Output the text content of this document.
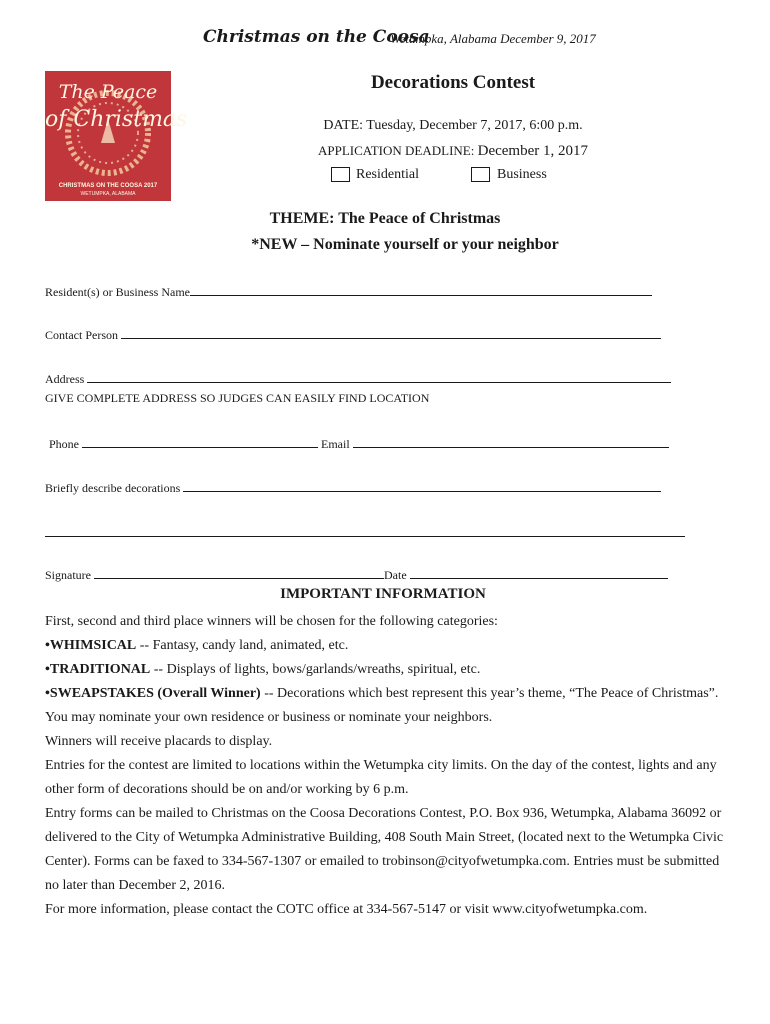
Christmas on the Coosa
Wetumpka, Alabama December 9, 2017
The Peace
of Christmas
CHRISTMAS ON THE COOSA 2017
WETUMPKA, ALABAMA
Decorations Contest
DATE: Tuesday, December 7, 2017, 6:00 p.m.
APPLICATION DEADLINE: December 1, 2017
Residential	Business
THEME: The Peace of Christmas
*NEW – Nominate yourself or your neighbor
Resident(s) or Business Name
Contact Person
Address
GIVE COMPLETE ADDRESS SO JUDGES CAN EASILY FIND LOCATION
Phone	Email
Briefly describe decorations
Signature	Date
IMPORTANT INFORMATION

First, second and third place winners will be chosen for the following categories:

•WHIMSICAL -- Fantasy, candy land, animated, etc.

•TRADITIONAL -- Displays of lights, bows/garlands/wreaths, spiritual, etc.

•SWEAPSTAKES (Overall Winner) -- Decorations which best represent this year’s theme, “The Peace of Christmas”.

You may nominate your own residence or business or nominate your neighbors.

Winners will receive placards to display.

Entries for the contest are limited to locations within the Wetumpka city limits. On the day of the contest, lights and any other form of decorations should be on and/or working by 6 p.m.

Entry forms can be mailed to Christmas on the Coosa Decorations Contest, P.O. Box 936, Wetumpka, Alabama 36092 or delivered to the City of Wetumpka Administrative Building, 408 South Main Street, (located next to the Wetumpka Civic Center). Forms can be faxed to 334-567-1307 or emailed to trobinson@cityofwetumpka.com. Entries must be submitted no later than December 2, 2016.

For more information, please contact the COTC office at 334-567-5147 or visit www.cityofwetumpka.com.
